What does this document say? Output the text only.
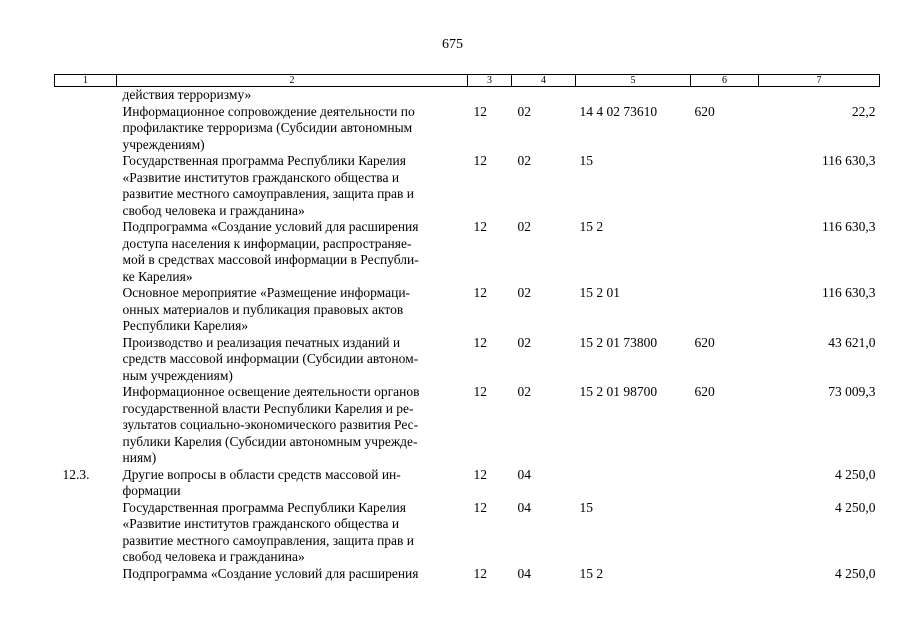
675
1	2	3	4	5	6	7

	действия терроризму»					

	Информационное сопровождение деятельности по
профилактике терроризма (Субсидии автономным
учреждениям)	12	02	14 4 02 73610	620	22,2

	Государственная программа Республики Карелия
«Развитие институтов гражданского общества и
развитие местного самоуправления, защита прав и
свобод человека и гражданина»	12	02	15		116 630,3

	Подпрограмма «Создание условий для расширения
доступа населения к информации, распространяе-
мой в средствах массовой информации в Республи-
ке Карелия»	12	02	15 2		116 630,3

	Основное мероприятие «Размещение информаци-
онных материалов и публикация правовых актов
Республики Карелия»	12	02	15 2 01		116 630,3

	Производство и реализация печатных изданий и
средств массовой информации (Субсидии автоном-
ным учреждениям)	12	02	15 2 01 73800	620	43 621,0

	Информационное освещение деятельности органов
государственной власти Республики Карелия и ре-
зультатов социально-экономического развития Рес-
публики Карелия (Субсидии автономным учрежде-
ниям)	12	02	15 2 01 98700	620	73 009,3
12.3.	Другие вопросы в области средств массовой ин-
формации	12	04			4 250,0

	Государственная программа Республики Карелия
«Развитие институтов гражданского общества и
развитие местного самоуправления, защита прав и
свобод человека и гражданина»	12	04	15		4 250,0

	Подпрограмма «Создание условий для расширения	12	04	15 2		4 250,0
